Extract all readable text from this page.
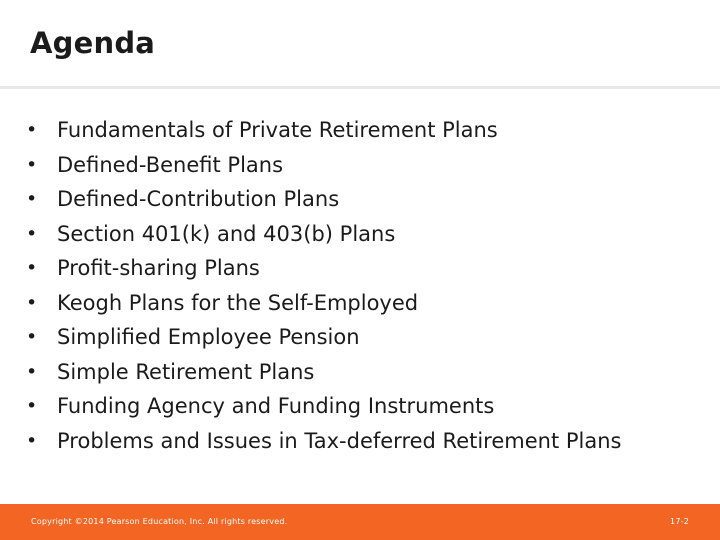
Agenda
• Fundamentals of Private Retirement Plans
• Defined-Benefit Plans
• Defined-Contribution Plans
• Section 401(k) and 403(b) Plans
• Profit-sharing Plans
• Keogh Plans for the Self-Employed
• Simplified Employee Pension
• Simple Retirement Plans
• Funding Agency and Funding Instruments
• Problems and Issues in Tax-deferred Retirement Plans
Copyright ©2014 Pearson Education, Inc. All rights reserved.	17-2
